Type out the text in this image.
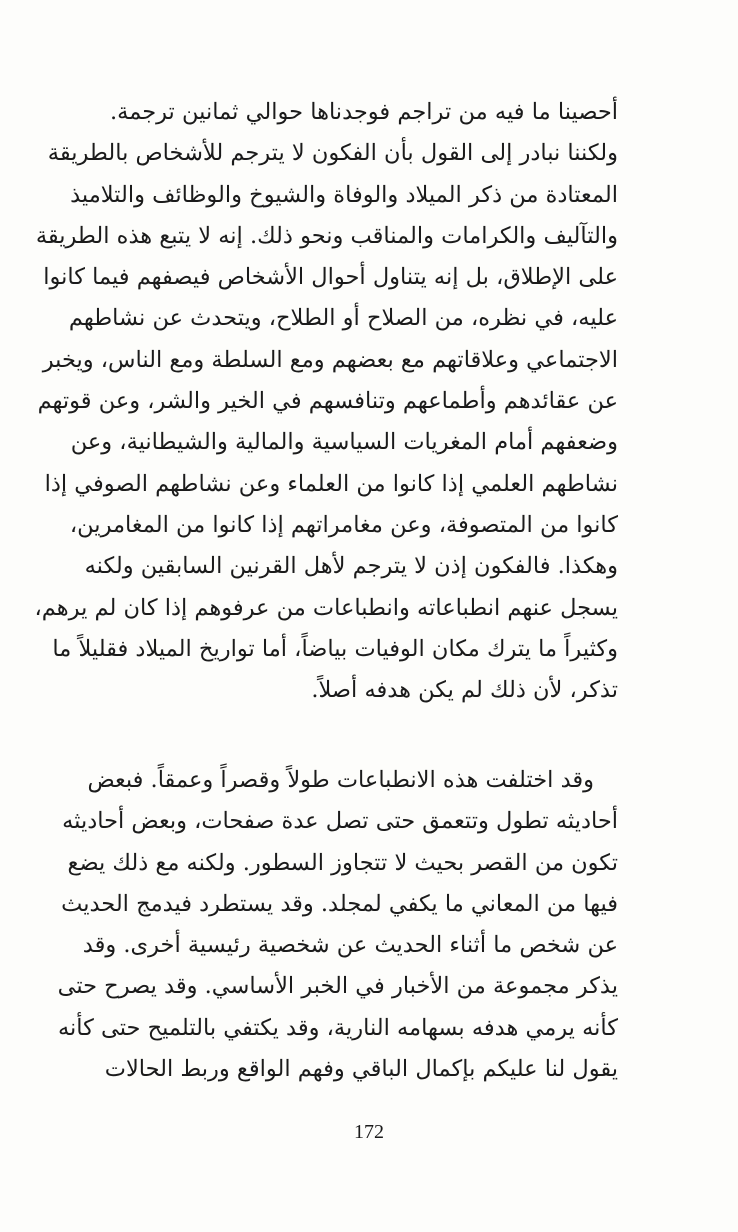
أحصينا ما فيه من تراجم فوجدناها حوالي ثمانين ترجمة.
ولكننا نبادر إلى القول بأن الفكون لا يترجم للأشخاص بالطريقة
المعتادة من ذكر الميلاد والوفاة والشيوخ والوظائف والتلاميذ
والتآليف والكرامات والمناقب ونحو ذلك. إنه لا يتبع هذه الطريقة
على الإطلاق، بل إنه يتناول أحوال الأشخاص فيصفهم فيما كانوا
عليه، في نظره، من الصلاح أو الطلاح، ويتحدث عن نشاطهم
الاجتماعي وعلاقاتهم مع بعضهم ومع السلطة ومع الناس، ويخبر
عن عقائدهم وأطماعهم وتنافسهم في الخير والشر، وعن قوتهم
وضعفهم أمام المغريات السياسية والمالية والشيطانية، وعن
نشاطهم العلمي إذا كانوا من العلماء وعن نشاطهم الصوفي إذا
كانوا من المتصوفة، وعن مغامراتهم إذا كانوا من المغامرين،
وهكذا. فالفكون إذن لا يترجم لأهل القرنين السابقين ولكنه
يسجل عنهم انطباعاته وانطباعات من عرفوهم إذا كان لم يرهم،
وكثيراً ما يترك مكان الوفيات بياضاً، أما تواريخ الميلاد فقليلاً ما
تذكر، لأن ذلك لم يكن هدفه أصلاً.
وقد اختلفت هذه الانطباعات طولاً وقصراً وعمقاً. فبعض
أحاديثه تطول وتتعمق حتى تصل عدة صفحات، وبعض أحاديثه
تكون من القصر بحيث لا تتجاوز السطور. ولكنه مع ذلك يضع
فيها من المعاني ما يكفي لمجلد. وقد يستطرد فيدمج الحديث
عن شخص ما أثناء الحديث عن شخصية رئيسية أخرى. وقد
يذكر مجموعة من الأخبار في الخبر الأساسي. وقد يصرح حتى
كأنه يرمي هدفه بسهامه النارية، وقد يكتفي بالتلميح حتى كأنه
يقول لنا عليكم بإكمال الباقي وفهم الواقع وربط الحالات
172
